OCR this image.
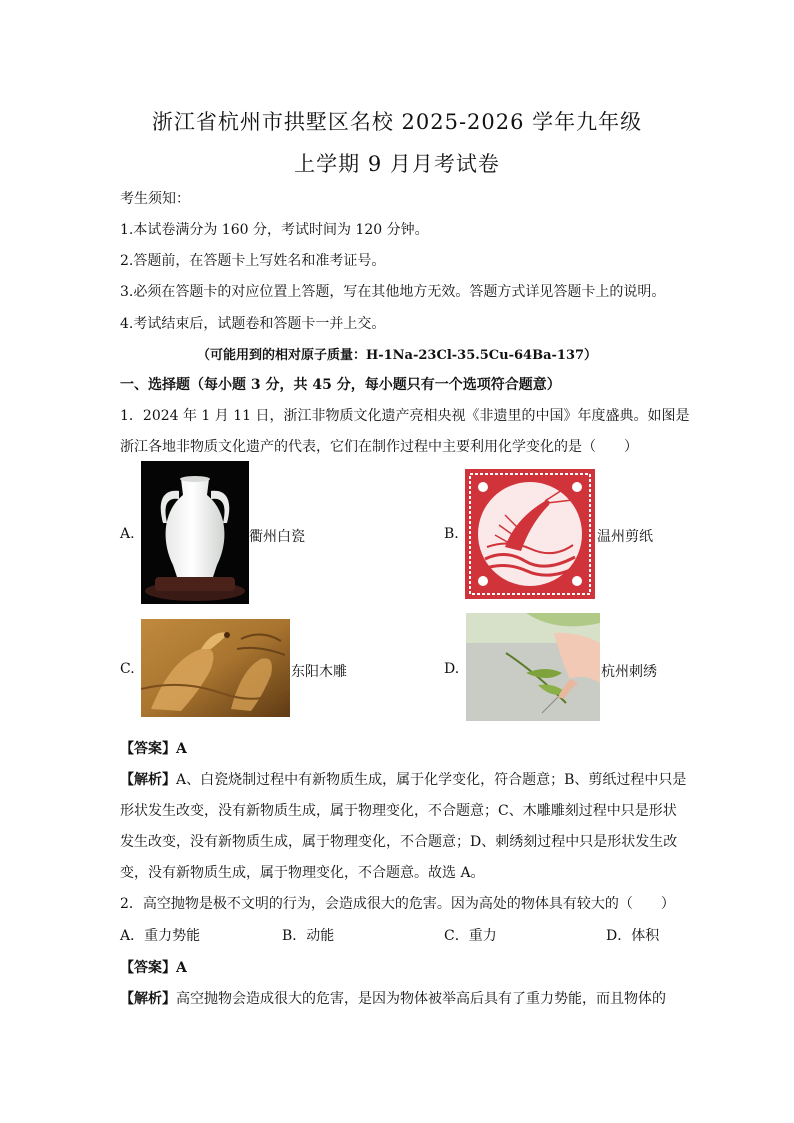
浙江省杭州市拱墅区名校 2025-2026 学年九年级
上学期 9 月月考试卷
考生须知：
1.本试卷满分为 160 分，考试时间为 120 分钟。
2.答题前，在答题卡上写姓名和准考证号。
3.必须在答题卡的对应位置上答题，写在其他地方无效。答题方式详见答题卡上的说明。
4.考试结束后，试题卷和答题卡一并上交。
（可能用到的相对原子质量：H-1Na-23Cl-35.5Cu-64Ba-137）
一、选择题（每小题 3 分，共 45 分，每小题只有一个选项符合题意）
1．2024 年 1 月 11 日，浙江非物质文化遗产亮相央视《非遗里的中国》年度盛典。如图是
浙江各地非物质文化遗产的代表，它们在制作过程中主要利用化学变化的是（　　）
A.	衢州白瓷	B.	温州剪纸
C.	东阳木雕	D.	杭州刺绣
【答案】A
【解析】A、白瓷烧制过程中有新物质生成，属于化学变化，符合题意；B、剪纸过程中只是
形状发生改变，没有新物质生成，属于物理变化，不合题意；C、木雕雕刻过程中只是形状
发生改变，没有新物质生成，属于物理变化，不合题意；D、刺绣刻过程中只是形状发生改
变，没有新物质生成，属于物理变化，不合题意。故选 A。
2．高空抛物是极不文明的行为，会造成很大的危害。因为高处的物体具有较大的（　　）
A．重力势能	B．动能	C．重力	D．体积
【答案】A
【解析】高空抛物会造成很大的危害，是因为物体被举高后具有了重力势能，而且物体的
